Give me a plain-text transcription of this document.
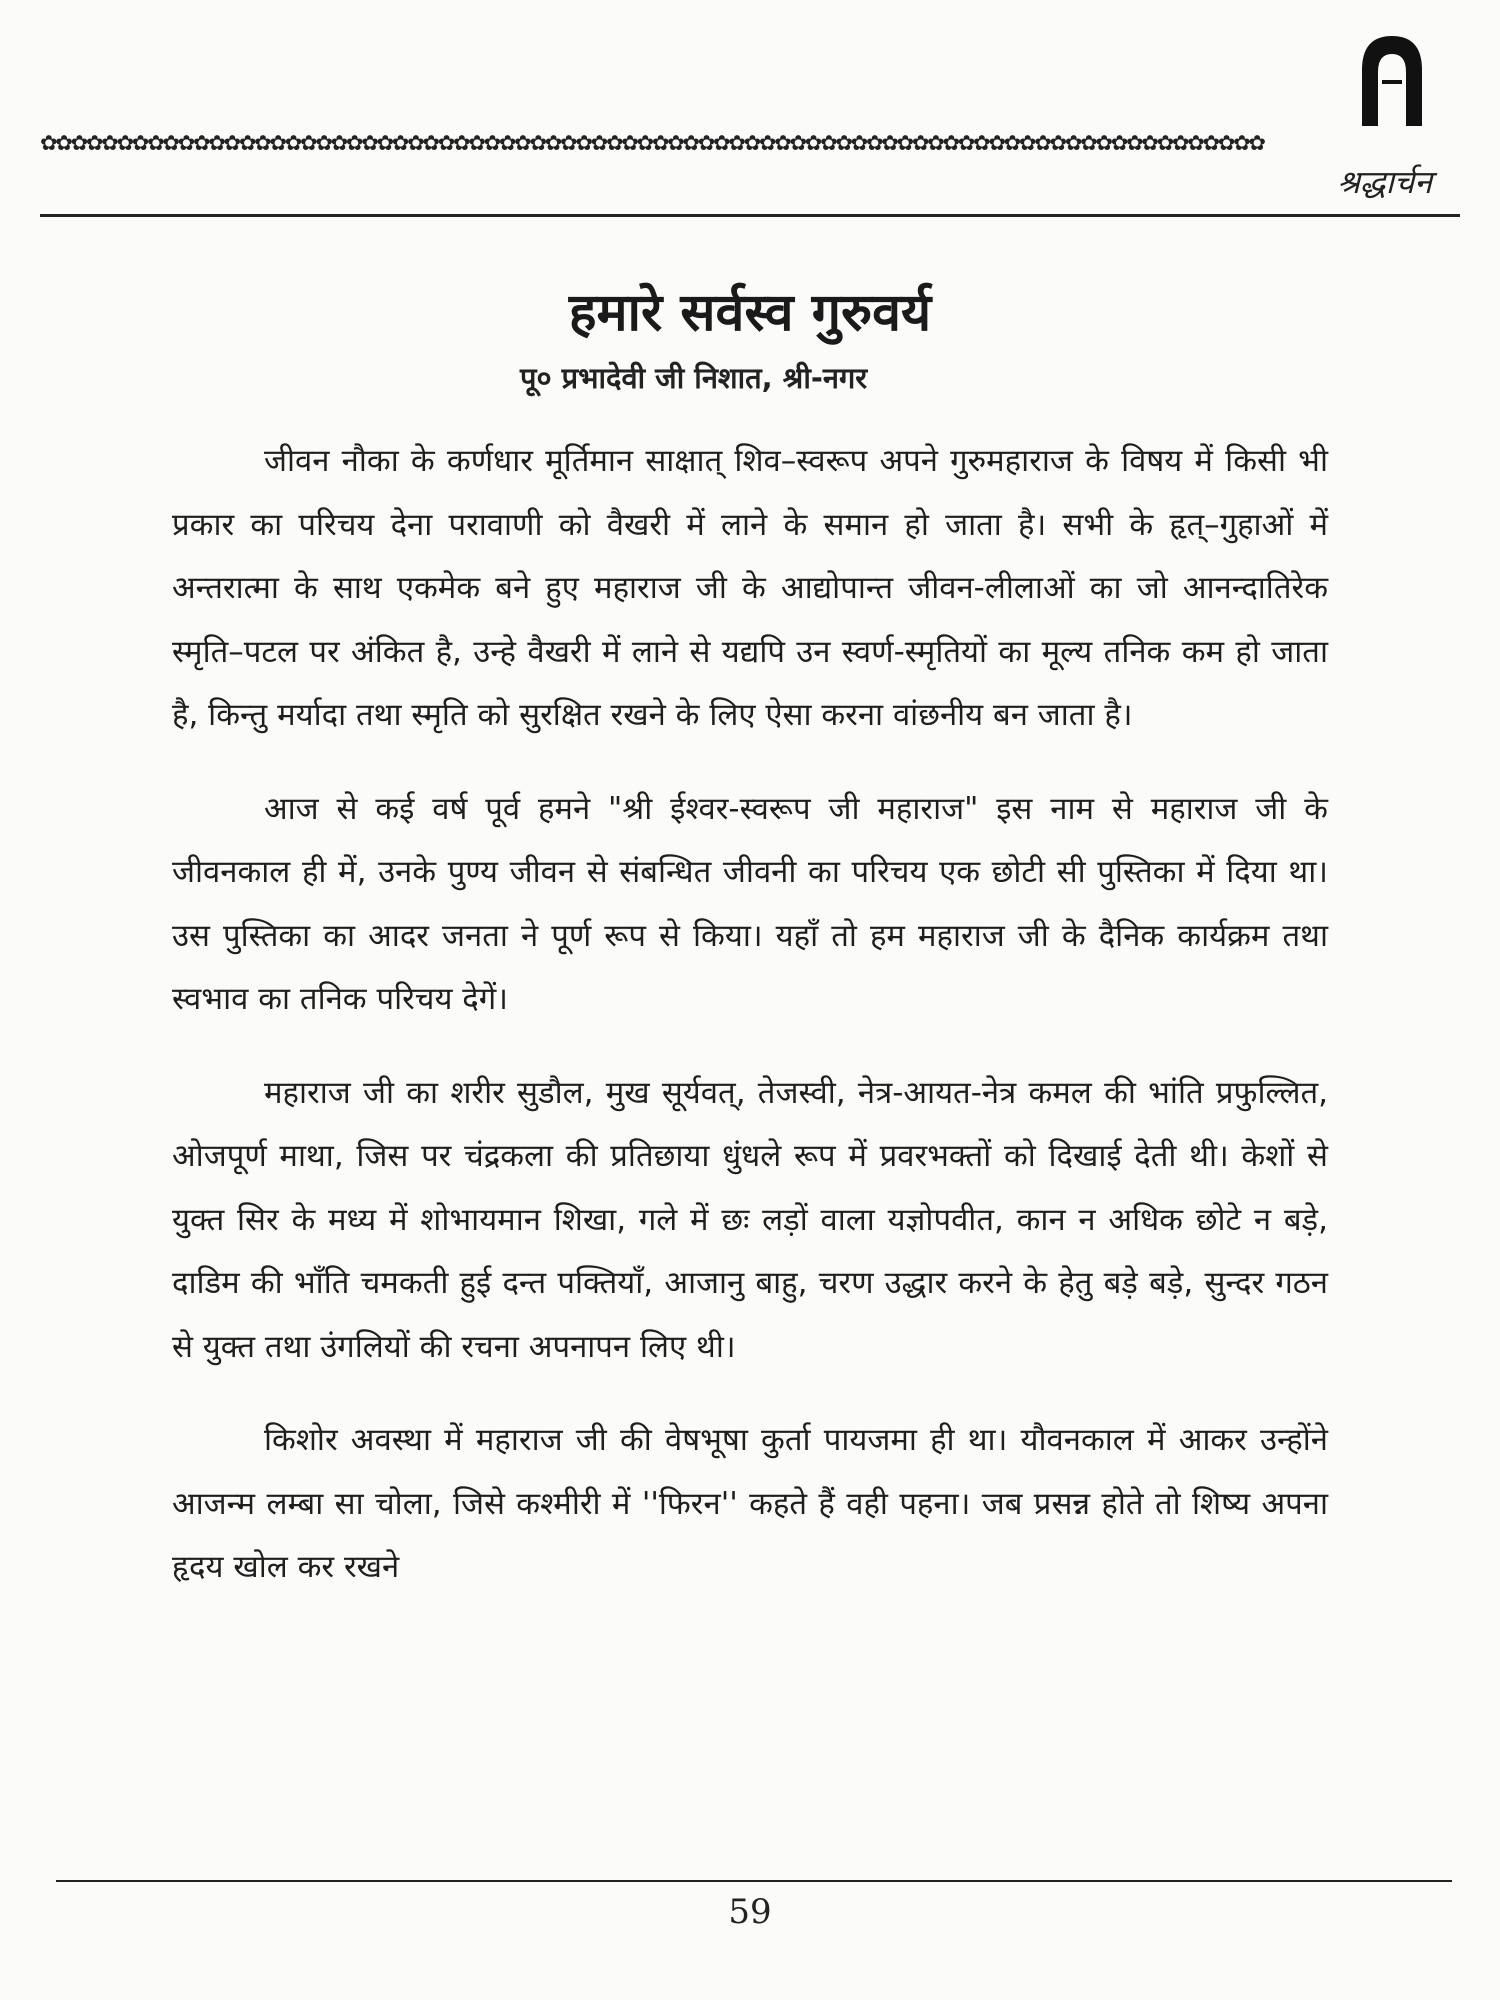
✿✿✿✿✿✿✿✿✿✿✿✿✿✿✿✿✿✿✿✿✿✿✿✿✿✿✿✿✿✿✿✿✿✿✿✿✿✿✿✿✿✿✿✿✿✿✿✿✿✿✿✿✿✿✿✿✿✿✿✿✿✿✿✿✿✿✿✿✿✿✿✿✿✿✿✿✿✿✿✿
श्रद्धार्चन
हमारे सर्वस्व गुरुवर्य
पू० प्रभादेवी जी निशात, श्री-नगर

जीवन नौका के कर्णधार मूर्तिमान साक्षात् शिव–स्वरूप अपने गुरुमहाराज के विषय में किसी भी प्रकार का परिचय देना परावाणी को वैखरी में लाने के समान हो जाता है। सभी के हृत्–गुहाओं में अन्तरात्मा के साथ एकमेक बने हुए महाराज जी के आद्योपान्त जीवन-लीलाओं का जो आनन्दातिरेक स्मृति–पटल पर अंकित है, उन्हे वैखरी में लाने से यद्यपि उन स्वर्ण-स्मृतियों का मूल्य तनिक कम हो जाता है, किन्तु मर्यादा तथा स्मृति को सुरक्षित रखने के लिए ऐसा करना वांछनीय बन जाता है।

आज से कई वर्ष पूर्व हमने "श्री ईश्वर-स्वरूप जी महाराज" इस नाम से महाराज जी के जीवनकाल ही में, उनके पुण्य जीवन से संबन्धित जीवनी का परिचय एक छोटी सी पुस्तिका में दिया था। उस पुस्तिका का आदर जनता ने पूर्ण रूप से किया। यहाँ तो हम महाराज जी के दैनिक कार्यक्रम तथा स्वभाव का तनिक परिचय देगें।

महाराज जी का शरीर सुडौल, मुख सूर्यवत्, तेजस्वी, नेत्र-आयत-नेत्र कमल की भांति प्रफुल्लित, ओजपूर्ण माथा, जिस पर चंद्रकला की प्रतिछाया धुंधले रूप में प्रवरभक्तों को दिखाई देती थी। केशों से युक्त सिर के मध्य में शोभायमान शिखा, गले में छः लड़ों वाला यज्ञोपवीत, कान न अधिक छोटे न बड़े, दाडिम की भाँति चमकती हुई दन्त पक्तियाँ, आजानु बाहु, चरण उद्धार करने के हेतु बड़े बड़े, सुन्दर गठन से युक्त तथा उंगलियों की रचना अपनापन लिए थी।

किशोर अवस्था में महाराज जी की वेषभूषा कुर्ता पायजमा ही था। यौवनकाल में आकर उन्होंने आजन्म लम्बा सा चोला, जिसे कश्मीरी में ''फिरन'' कहते हैं वही पहना। जब प्रसन्न होते तो शिष्य अपना हृदय खोल कर रखने

59
